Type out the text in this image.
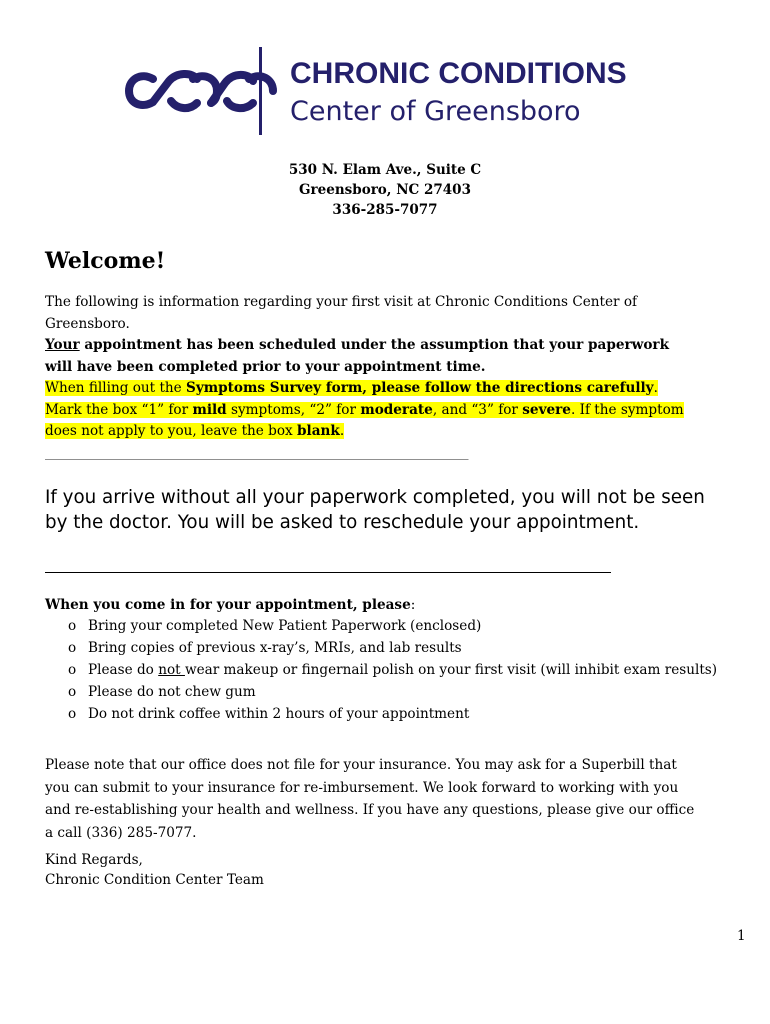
CHRONIC CONDITIONS
Center of Greensboro
530 N. Elam Ave., Suite C
Greensboro, NC 27403
336-285-7077
Welcome!
The following is information regarding your first visit at Chronic Conditions Center of Greensboro.
Your appointment has been scheduled under the assumption that your paperwork will have been completed prior to your appointment time.
When filling out the Symptoms Survey form, please follow the directions carefully. Mark the box “1” for mild symptoms, “2” for moderate, and “3” for severe. If the symptom does not apply to you, leave the box blank.
_____________________________________________________________________________
If you arrive without all your paperwork completed, you will not be seen by the doctor. You will be asked to reschedule your appointment.
When you come in for your appointment, please:
o Bring your completed New Patient Paperwork (enclosed)
o Bring copies of previous x-ray’s, MRIs, and lab results
o Please do not wear makeup or fingernail polish on your first visit (will inhibit exam results)
o Please do not chew gum
o Do not drink coffee within 2 hours of your appointment
Please note that our office does not file for your insurance. You may ask for a Superbill that you can submit to your insurance for re-imbursement. We look forward to working with you and re-establishing your health and wellness. If you have any questions, please give our office a call (336) 285-7077.
Kind Regards,
Chronic Condition Center Team
1
